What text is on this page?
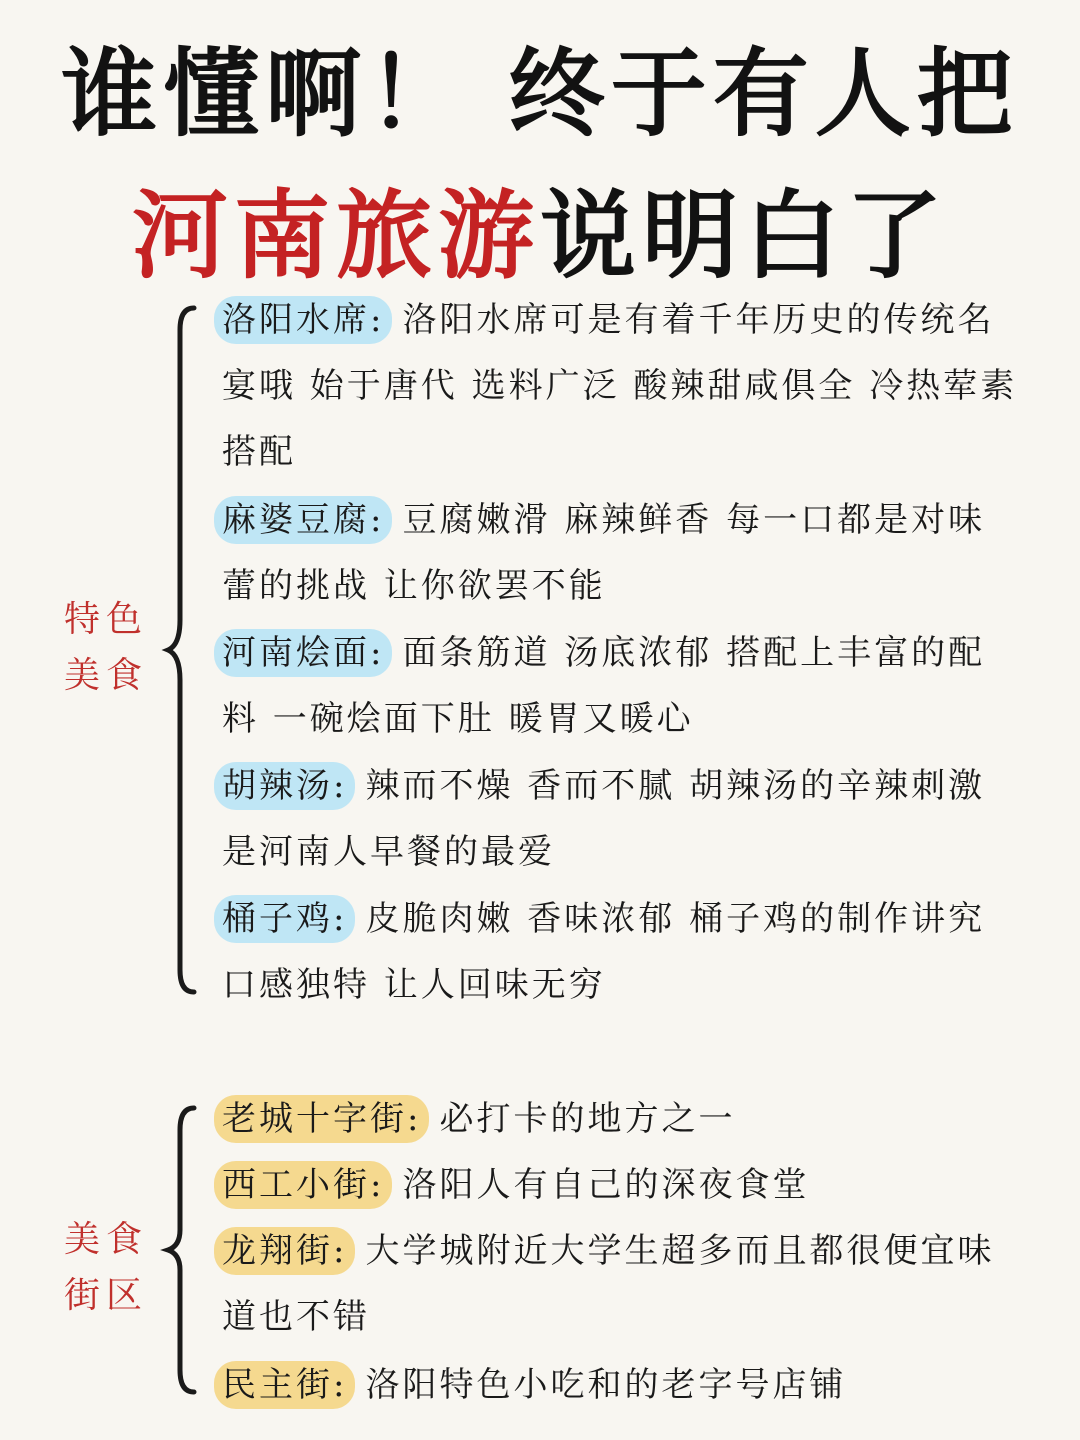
谁懂啊！ 终于有人把
河南旅游说明白了
特色
美食
洛阳水席: 洛阳水席可是有着千年历史的传统名宴哦 始于唐代 选料广泛 酸辣甜咸俱全 冷热荤素搭配
麻婆豆腐: 豆腐嫩滑 麻辣鲜香 每一口都是对味蕾的挑战 让你欲罢不能
河南烩面: 面条筋道 汤底浓郁 搭配上丰富的配料 一碗烩面下肚 暖胃又暖心
胡辣汤: 辣而不燥 香而不腻 胡辣汤的辛辣刺激 是河南人早餐的最爱
桶子鸡: 皮脆肉嫩 香味浓郁 桶子鸡的制作讲究 口感独特 让人回味无穷
美食
街区
老城十字街: 必打卡的地方之一
西工小街: 洛阳人有自己的深夜食堂
龙翔街: 大学城附近大学生超多而且都很便宜味道也不错
民主街: 洛阳特色小吃和的老字号店铺
